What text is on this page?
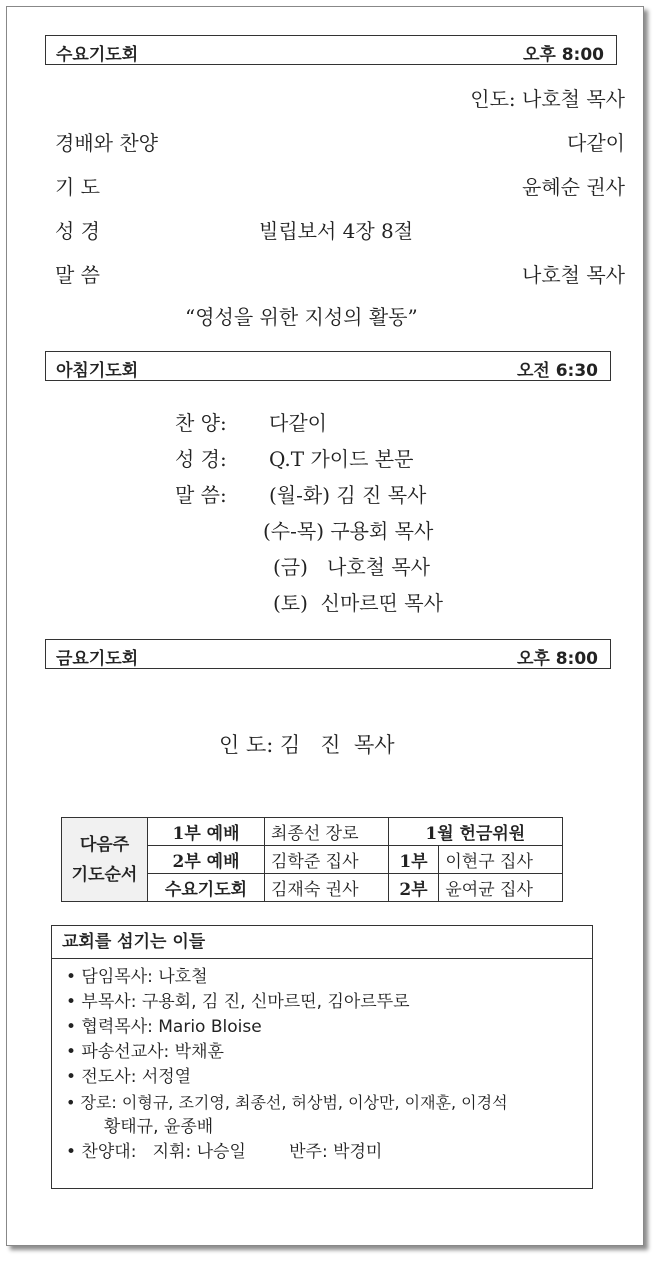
수요기도회	오후 8:00
인도: 나호철 목사
경배와 찬양	다같이
기 도	윤혜순 권사
성 경	빌립보서 4장 8절
말 씀	나호철 목사
“영성을 위한 지성의 활동”
아침기도회	오전 6:30
찬 양: 다같이
성 경: Q.T 가이드 본문
말 씀: (월-화) 김 진 목사
(수-목) 구용회 목사
(금)   나호철 목사
(토)  신마르띤 목사
금요기도회	오후 8:00
인 도: 김   진  목사
다음주
기도순서	1부 예배	최종선 장로	1월 헌금위원	
	2부 예배	김학준 집사	1부	이현구 집사
	수요기도회	김재숙 권사	2부	윤여균 집사
교회를 섬기는 이들
• 담임목사: 나호철
• 부목사: 구용회, 김 진, 신마르띤, 김아르뚜로
• 협력목사: Mario Bloise
• 파송선교사: 박채훈
• 전도사: 서정열
• 장로: 이형규, 조기영, 최종선, 허상범, 이상만, 이재훈, 이경석
황태규, 윤종배
• 찬양대:   지휘: 나승일        반주: 박경미
